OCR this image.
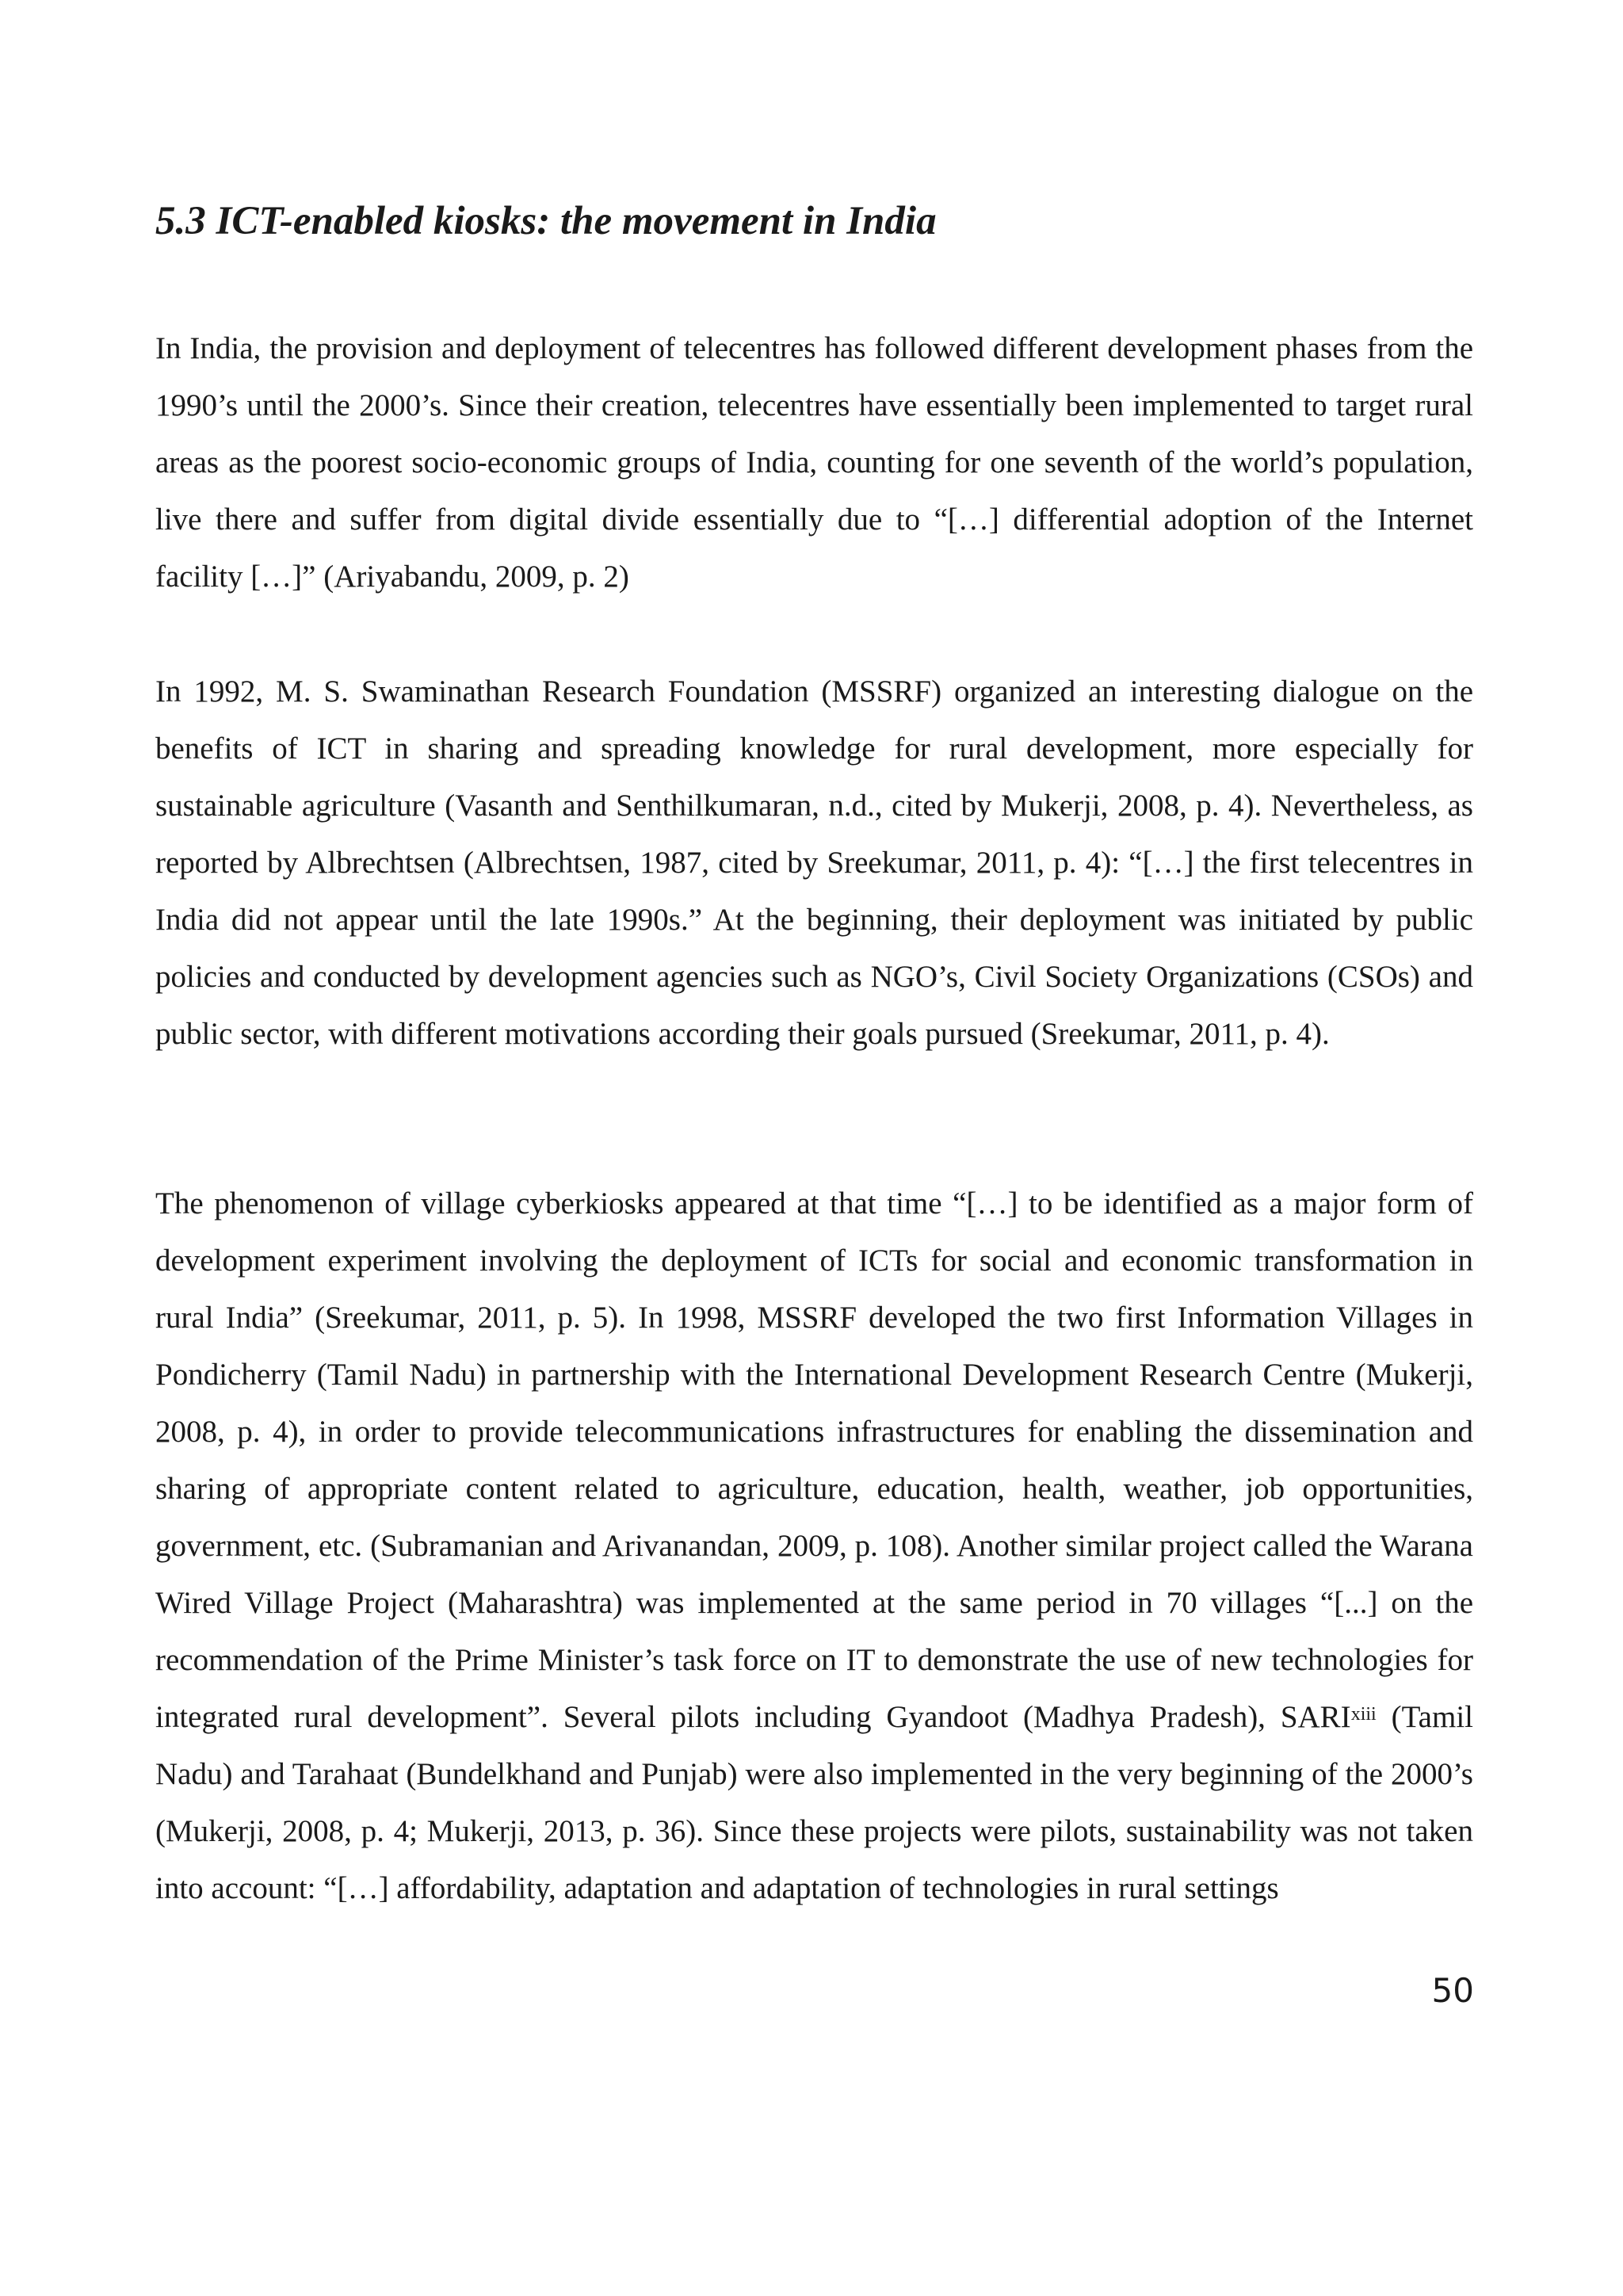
5.3 ICT-enabled kiosks: the movement in India

In India, the provision and deployment of telecentres has followed different development phases from the 1990’s until the 2000’s. Since their creation, telecentres have essentially been implemented to target rural areas as the poorest socio-economic groups of India, counting for one seventh of the world’s population, live there and suffer from digital divide essentially due to “[…] differential adoption of the Internet facility […]” (Ariyabandu, 2009, p. 2)

In 1992, M. S. Swaminathan Research Foundation (MSSRF) organized an interesting dialogue on the benefits of ICT in sharing and spreading knowledge for rural development, more especially for sustainable agriculture (Vasanth and Senthilkumaran, n.d., cited by Mukerji, 2008, p. 4). Nevertheless, as reported by Albrechtsen (Albrechtsen, 1987, cited by Sreekumar, 2011, p. 4): “[…] the first telecentres in India did not appear until the late 1990s.” At the beginning, their deployment was initiated by public policies and conducted by development agencies such as NGO’s, Civil Society Organizations (CSOs) and public sector, with different motivations according their goals pursued (Sreekumar, 2011, p. 4).

The phenomenon of village cyberkiosks appeared at that time “[…] to be identified as a major form of development experiment involving the deployment of ICTs for social and economic transformation in rural India” (Sreekumar, 2011, p. 5). In 1998, MSSRF developed the two first Information Villages in Pondicherry (Tamil Nadu) in partnership with the International Development Research Centre (Mukerji, 2008, p. 4), in order to provide telecommunications infrastructures for enabling the dissemination and sharing of appropriate content related to agriculture, education, health, weather, job opportunities, government, etc. (Subramanian and Arivanandan, 2009, p. 108). Another similar project called the Warana Wired Village Project (Maharashtra) was implemented at the same period in 70 villages “[...] on the recommendation of the Prime Minister’s task force on IT to demonstrate the use of new technologies for integrated rural development”. Several pilots including Gyandoot (Madhya Pradesh), SARI$^{xiii}$ (Tamil Nadu) and Tarahaat (Bundelkhand and Punjab) were also implemented in the very beginning of the 2000’s (Mukerji, 2008, p. 4; Mukerji, 2013, p. 36). Since these projects were pilots, sustainability was not taken into account: “[…] affordability, adaptation and adaptation of technologies in rural settings

50
